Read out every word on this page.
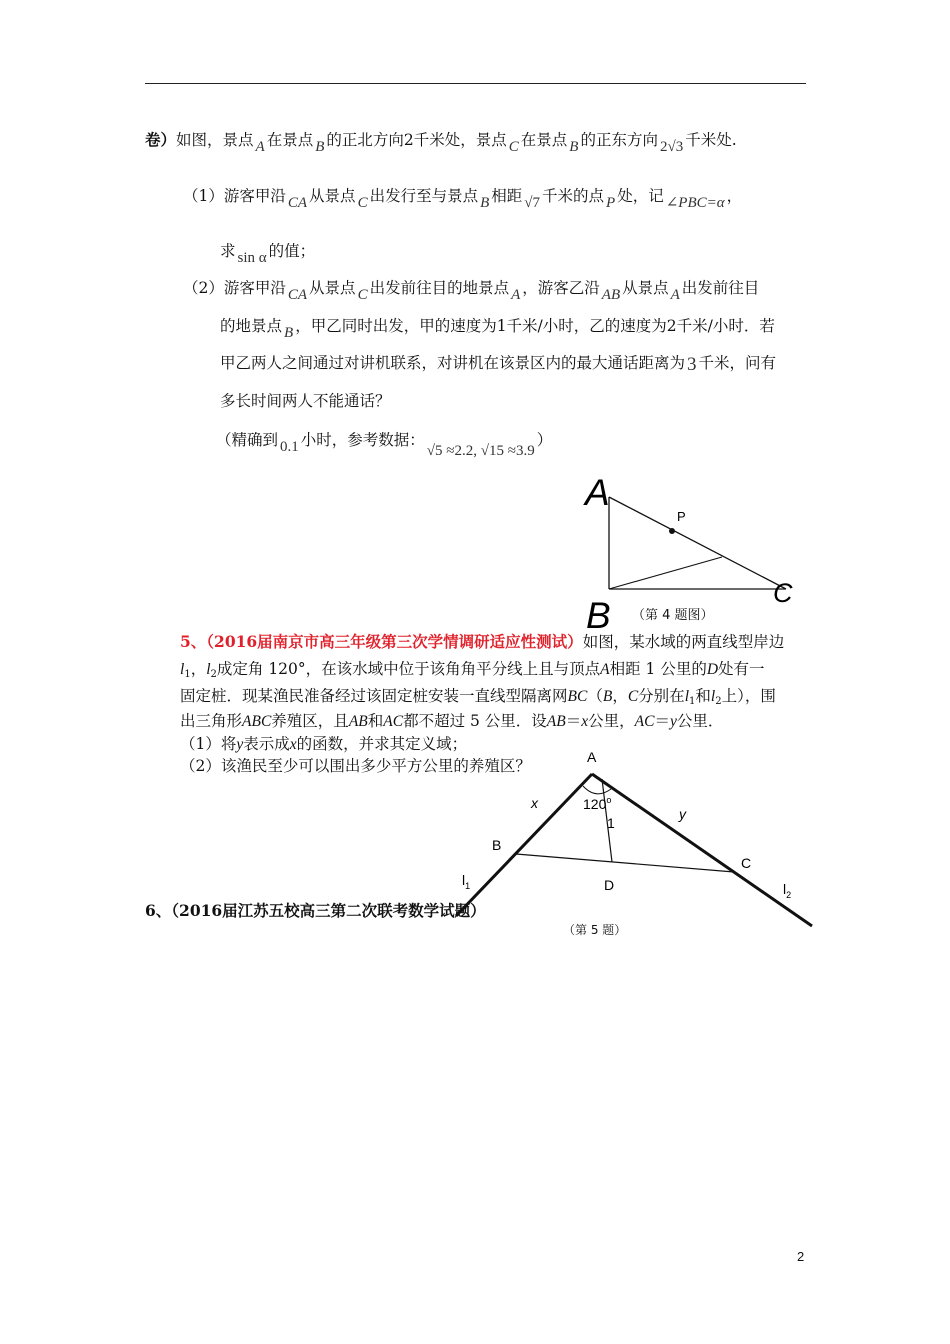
卷）如图，景点 A 在景点 B 的正北方向2千米处，景点 C 在景点 B 的正东方向 2√3 千米处.
（1）游客甲沿 CA 从景点 C 出发行至与景点 B 相距 √7 千米的点 P 处，记 ∠PBC=α ，
求 sin α 的值；
（2）游客甲沿 CA 从景点 C 出发前往目的地景点 A ，游客乙沿 AB 从景点 A 出发前往目
的地景点 B ，甲乙同时出发，甲的速度为1千米/小时，乙的速度为2千米/小时．若
甲乙两人之间通过对讲机联系，对讲机在该景区内的最大通话距离为 3 千米，问有
多长时间两人不能通话？
（精确到 0.1 小时，参考数据：√5 ≈2.2, √15 ≈3.9）
A
B
C
P
（第 4 题图）
5、（2016届南京市高三年级第三次学情调研适应性测试）如图，某水域的两直线型岸边
$l_1$，$l_2$成定角 120°，在该水域中位于该角角平分线上且与顶点A相距 1 公里的D处有一
固定桩．现某渔民准备经过该固定桩安装一直线型隔离网BC（B，C分别在$l_1$和$l_2$上），围
出三角形ABC养殖区，且AB和AC都不超过 5 公里．设AB＝x公里，AC＝y公里．
（1）将y表示成x的函数，并求其定义域；
（2）该渔民至少可以围出多少平方公里的养殖区？	A
B
C
D
x
y
120$^o$
1
$l_1$	$l_2$
（第 5 题）
6、（2016届江苏五校高三第二次联考数学试题）
2
